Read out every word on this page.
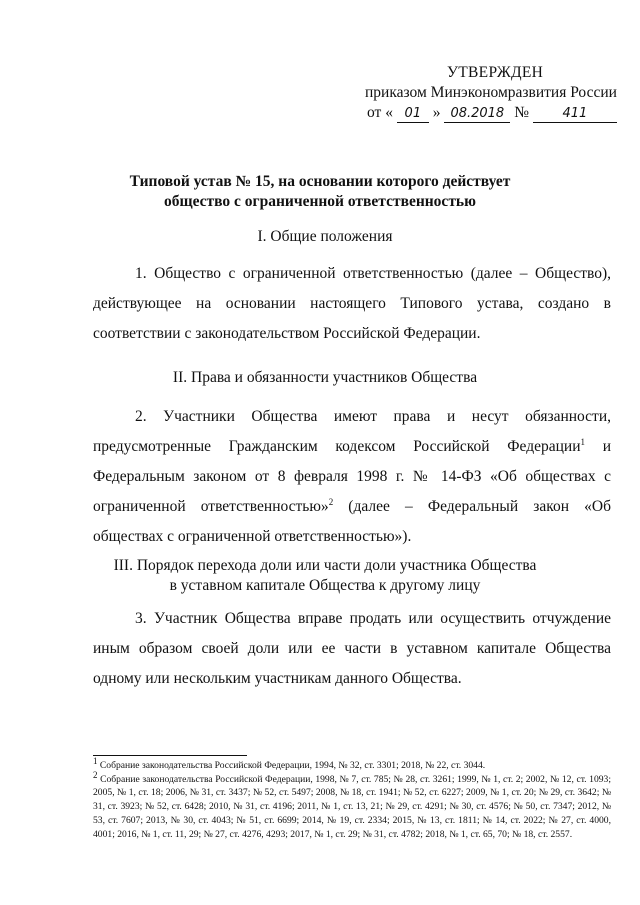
УТВЕРЖДЕН
приказом Минэкономразвития России
от « 01 » 08.2018 №	411
Типовой устав № 15, на основании которого действует
общество с ограниченной ответственностью
I. Общие положения
1. Общество с ограниченной ответственностью (далее – Общество), действующее на основании настоящего Типового устава, создано в соответствии с законодательством Российской Федерации.
II. Права и обязанности участников Общества
2. Участники Общества имеют права и несут обязанности, предусмотренные Гражданским кодексом Российской Федерации$^1$ и Федеральным законом от 8 февраля 1998 г. № 14-ФЗ «Об обществах с ограниченной ответственностью»$^2$ (далее – Федеральный закон «Об обществах с ограниченной ответственностью»).
III. Порядок перехода доли или части доли участника Общества
в уставном капитале Общества к другому лицу
3. Участник Общества вправе продать или осуществить отчуждение иным образом своей доли или ее части в уставном капитале Общества одному или нескольким участникам данного Общества.

$^1$ Собрание законодательства Российской Федерации, 1994, № 32, ст. 3301; 2018, № 22, ст. 3044.

$^2$ Собрание законодательства Российской Федерации, 1998, № 7, ст. 785; № 28, ст. 3261; 1999, № 1, ст. 2; 2002, № 12, ст. 1093; 2005, № 1, ст. 18; 2006, № 31, ст. 3437; № 52, ст. 5497; 2008, № 18, ст. 1941; № 52, ст. 6227; 2009, № 1, ст. 20; № 29, ст. 3642; № 31, ст. 3923; № 52, ст. 6428; 2010, № 31, ст. 4196; 2011, № 1, ст. 13, 21; № 29, ст. 4291; № 30, ст. 4576; № 50, ст. 7347; 2012, № 53, ст. 7607; 2013, № 30, ст. 4043; № 51, ст. 6699; 2014, № 19, ст. 2334; 2015, № 13, ст. 1811; № 14, ст. 2022; № 27, ст. 4000, 4001; 2016, № 1, ст. 11, 29; № 27, ст. 4276, 4293; 2017, № 1, ст. 29; № 31, ст. 4782; 2018, № 1, ст. 65, 70; № 18, ст. 2557.
